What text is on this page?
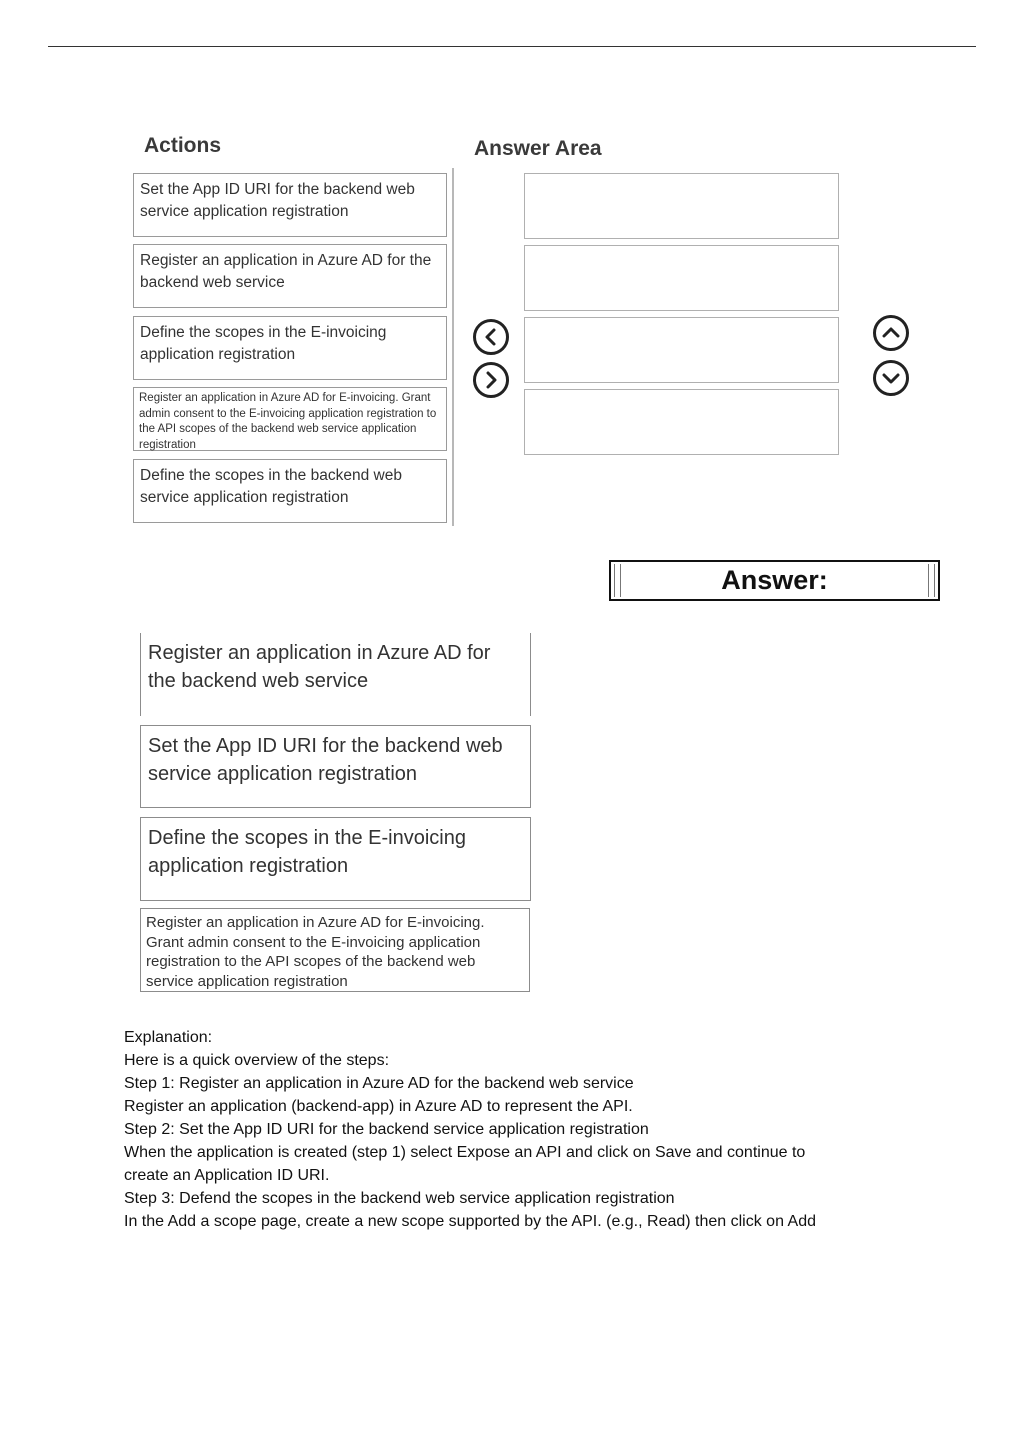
Actions	Answer Area
Set the App ID URI for the backend web service application registration
Register an application in Azure AD for the backend web service
Define the scopes in the E-invoicing application registration
Register an application in Azure AD for E-invoicing. Grant admin consent to the E-invoicing application registration to the API scopes of the backend web service application registration
Define the scopes in the backend web service application registration
Answer:
Register an application in Azure AD for the backend web service
Set the App ID URI for the backend web service application registration
Define the scopes in the E-invoicing application registration
Register an application in Azure AD for E-invoicing. Grant admin consent to the E-invoicing application registration to the API scopes of the backend web service application registration
Explanation:
Here is a quick overview of the steps:
Step 1: Register an application in Azure AD for the backend web service
Register an application (backend-app) in Azure AD to represent the API.
Step 2: Set the App ID URI for the backend service application registration
When the application is created (step 1) select Expose an API and click on Save and continue to
create an Application ID URI.
Step 3: Defend the scopes in the backend web service application registration
In the Add a scope page, create a new scope supported by the API. (e.g., Read) then click on Add
